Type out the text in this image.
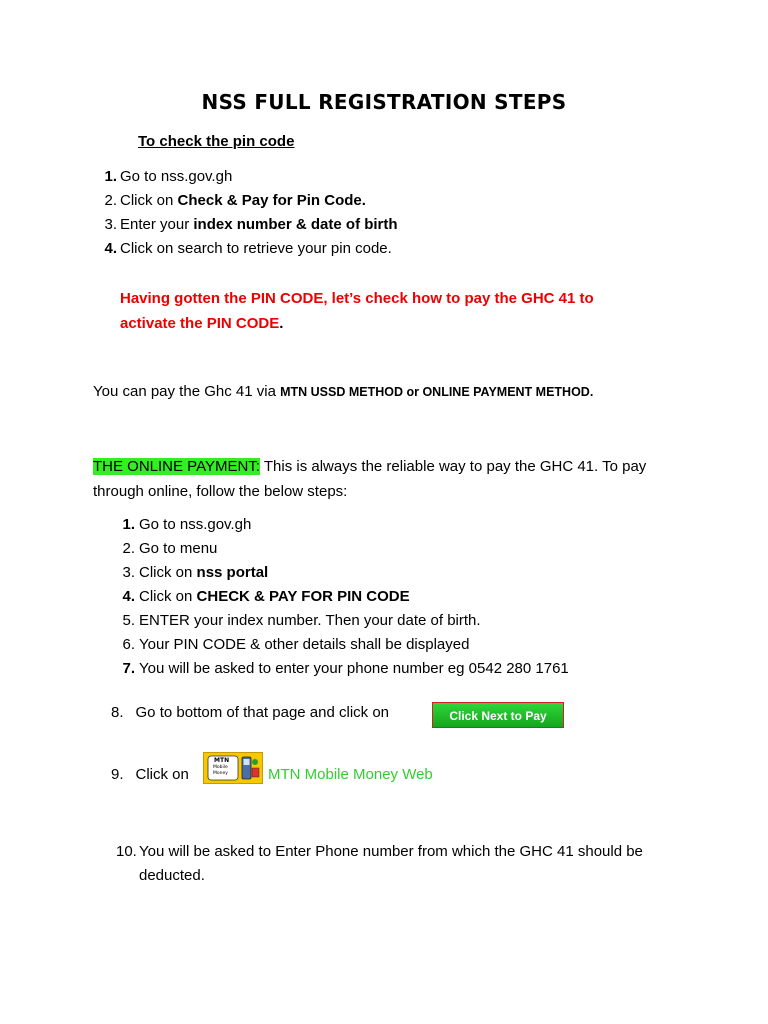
NSS FULL REGISTRATION STEPS
To check the pin code
1. Go to nss.gov.gh
2. Click on Check & Pay for Pin Code.
3. Enter your index number & date of birth
4. Click on search to retrieve your pin code.
Having gotten the PIN CODE, let’s check how to pay the GHC 41 to activate the PIN CODE.
You can pay the Ghc 41 via MTN USSD METHOD or ONLINE PAYMENT METHOD.
THE ONLINE PAYMENT: This is always the reliable way to pay the GHC 41. To pay through online, follow the below steps:
1. Go to nss.gov.gh
2. Go to menu
3. Click on nss portal
4. Click on CHECK & PAY FOR PIN CODE
5. ENTER your index number. Then your date of birth.
6. Your PIN CODE & other details shall be displayed
7. You will be asked to enter your phone number eg 0542 280 1761
8. Go to bottom of that page and click on	Click Next to Pay
9. Click on
MTN
Mobile
Money	MTN Mobile Money Web
10. You will be asked to Enter Phone number from which the GHC 41 should be deducted.
